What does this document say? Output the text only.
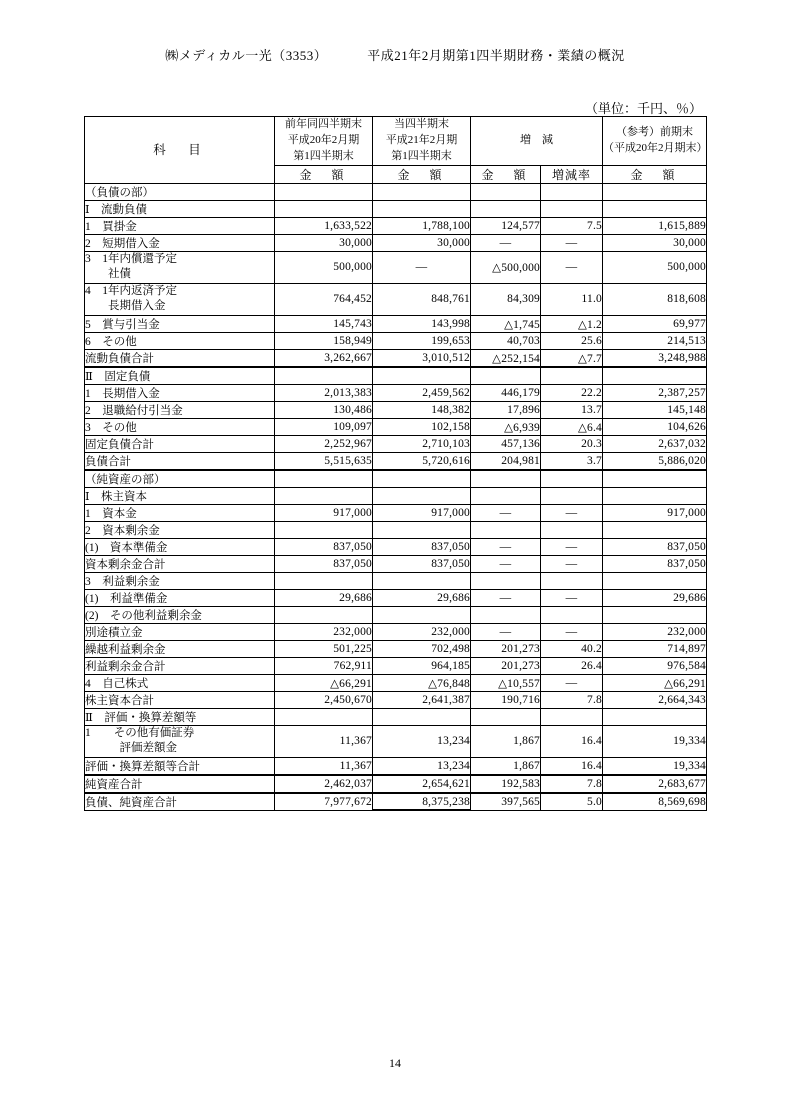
㈱メディカル一光（3353）	平成21年2月期第1四半期財務・業績の概況
（単位：千円、％）
科　目	前年同四半期末
平成20年2月期
第1四半期末	当四半期末
平成21年2月期
第1四半期末	増　減		（参考）前期末
（平成20年2月期末）

	金　額	金　額	金　額	増減率	金　額
（負債の部）					
Ⅰ　流動負債					
1　買掛金	1,633,522	1,788,100	124,577	7.5	1,615,889
2　短期借入金	30,000	30,000	―	―	30,000
3　1年内償還予定
　　社債	500,000	―	△500,000	―	500,000
4　1年内返済予定
　　長期借入金	764,452	848,761	84,309	11.0	818,608
5　賞与引当金	145,743	143,998	△1,745	△1.2	69,977
6　その他	158,949	199,653	40,703	25.6	214,513
流動負債合計	3,262,667	3,010,512	△252,154	△7.7	3,248,988
Ⅱ　固定負債					
1　長期借入金	2,013,383	2,459,562	446,179	22.2	2,387,257
2　退職給付引当金	130,486	148,382	17,896	13.7	145,148
3　その他	109,097	102,158	△6,939	△6.4	104,626
固定負債合計	2,252,967	2,710,103	457,136	20.3	2,637,032
負債合計	5,515,635	5,720,616	204,981	3.7	5,886,020
（純資産の部）					
Ⅰ　株主資本					
1　資本金	917,000	917,000	―	―	917,000
2　資本剰余金					
(1)　資本準備金	837,050	837,050	―	―	837,050
資本剰余金合計	837,050	837,050	―	―	837,050
3　利益剰余金					
(1)　利益準備金	29,686	29,686	―	―	29,686
(2)　その他利益剰余金					
別途積立金	232,000	232,000	―	―	232,000
繰越利益剰余金	501,225	702,498	201,273	40.2	714,897
利益剰余金合計	762,911	964,185	201,273	26.4	976,584
4　自己株式	△66,291	△76,848	△10,557	―	△66,291
株主資本合計	2,450,670	2,641,387	190,716	7.8	2,664,343
Ⅱ　評価・換算差額等					
1　　その他有価証券
　　　評価差額金	11,367	13,234	1,867	16.4	19,334
評価・換算差額等合計	11,367	13,234	1,867	16.4	19,334
純資産合計	2,462,037	2,654,621	192,583	7.8	2,683,677
負債、純資産合計	7,977,672	8,375,238	397,565	5.0	8,569,698
14
